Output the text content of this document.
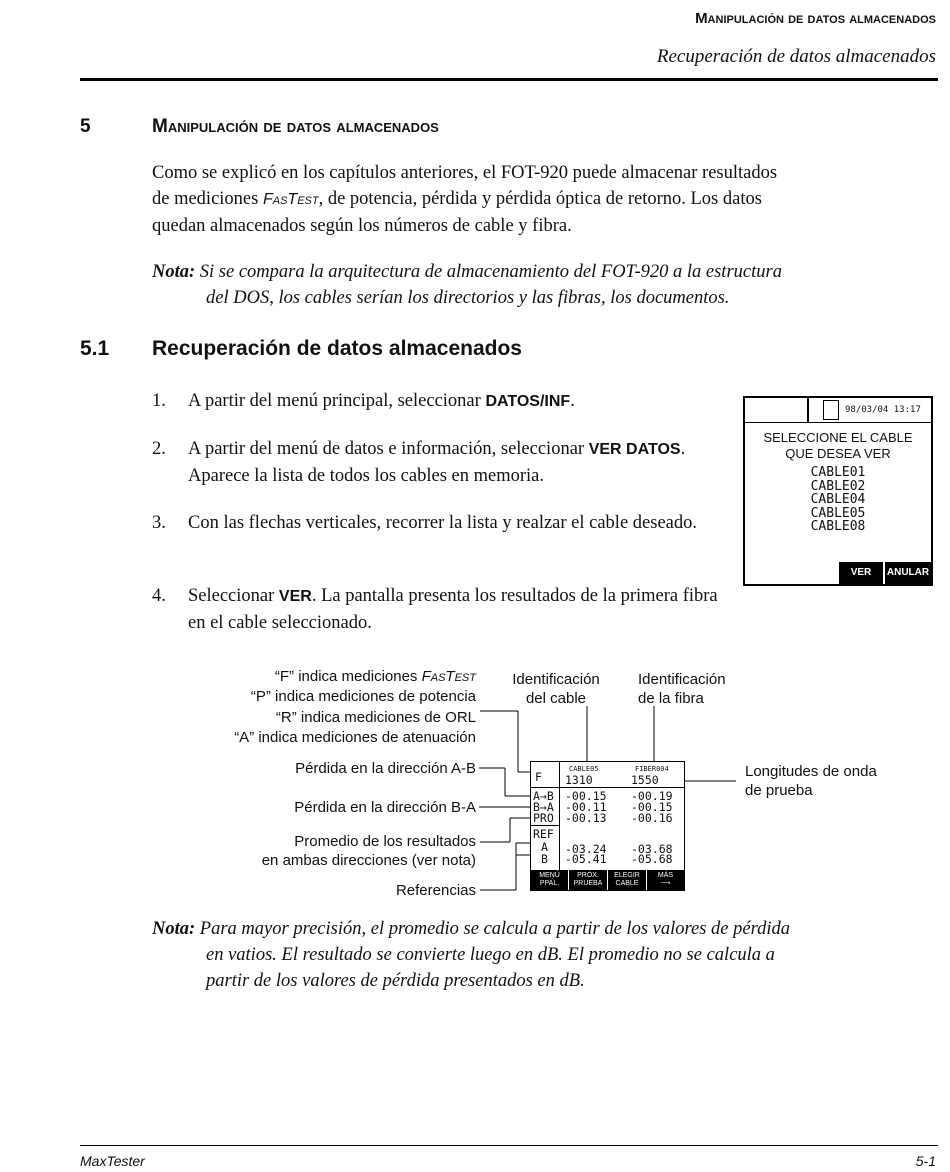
Manipulación de datos almacenados
Recuperación de datos almacenados
5	Manipulación de datos almacenados
Como se explicó en los capítulos anteriores, el FOT-920 puede almacenar resultados
de mediciones FasTest, de potencia, pérdida y pérdida óptica de retorno. Los datos
quedan almacenados según los números de cable y fibra.
Nota: Si se compara la arquitectura de almacenamiento del FOT-920 a la estructura
del DOS, los cables serían los directorios y las fibras, los documentos.
5.1 Recuperación de datos almacenados
1.	A partir del menú principal, seleccionar DATOS/INF.
2.	A partir del menú de datos e información, seleccionar VER DATOS. Aparece la lista de todos los cables en memoria.
3.	Con las flechas verticales, recorrer la lista y realzar el cable deseado.
4.	Seleccionar VER. La pantalla presenta los resultados de la primera fibra en el cable seleccionado.
98/03/04 13:17
SELECCIONE EL CABLE
QUE DESEA VER
CABLE01
CABLE02
CABLE04
CABLE05
CABLE08
VER	ANULAR
“F” indica mediciones FasTest
“P” indica mediciones de potencia
“R” indica mediciones de ORL
“A” indica mediciones de atenuación
Pérdida en la dirección A-B
Pérdida en la dirección B-A
Promedio de los resultados
en ambas direcciones (ver nota)
Referencias
Identificación
del cable
Identificación
de la fibra
Longitudes de onda
de prueba
F
CABLE05	FIBER004
1310	1550
A→B -00.15 -00.19
B→A -00.11 -00.15
PRO -00.13 -00.16
REF
A -03.24 -03.68
B -05.41 -05.68
MENÚ
PPAL.
PRÓX.
PRUEBA
ELEGIR
CABLE
MÁS
⟶
Nota: Para mayor precisión, el promedio se calcula a partir de los valores de pérdida
en vatios. El resultado se convierte luego en dB. El promedio no se calcula a
partir de los valores de pérdida presentados en dB.
MaxTester	5-1
